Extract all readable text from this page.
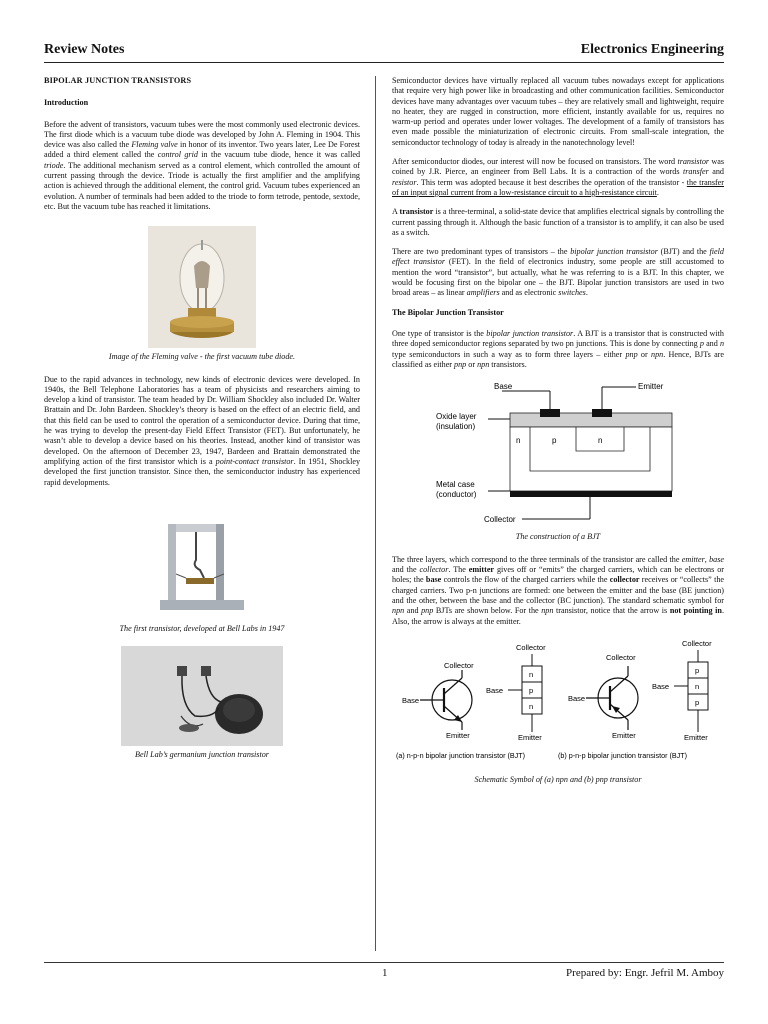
Review Notes	Electronics Engineering

BIPOLAR JUNCTION TRANSISTORS

Introduction

Before the advent of transistors, vacuum tubes were the most commonly used electronic devices. The first diode which is a vacuum tube diode was developed by John A. Fleming in 1904. This device was also called the Fleming valve in honor of its inventor. Two years later, Lee De Forest added a third element called the control grid in the vacuum tube diode, hence it was called triode. The additional mechanism served as a control element, which controlled the amount of current passing through the device. Triode is actually the first amplifier and the amplifying action is achieved through the additional element, the control grid. Vacuum tubes experienced an evolution. A number of terminals had been added to the triode to form tetrode, pentode, sextode, etc. But the vacuum tube has reached it limitations.

Image of the Fleming valve - the first vacuum tube diode.

Due to the rapid advances in technology, new kinds of electronic devices were developed. In 1940s, the Bell Telephone Laboratories has a team of physicists and researchers aiming to develop a kind of transistor. The team headed by Dr. William Shockley also included Dr. Walter Brattain and Dr. John Bardeen. Shockley’s theory is based on the effect of an electric field, and that this field can be used to control the operation of a semiconductor device. During that time, he was trying to develop the present-day Field Effect Transistor (FET). But unfortunately, he wasn’t able to develop a device based on his theories. Instead, another kind of transistor was developed. On the afternoon of December 23, 1947, Bardeen and Brattain demonstrated the amplifying action of the first transistor which is a point-contact transistor. In 1951, Shockley developed the first junction transistor. Since then, the semiconductor industry has experienced rapid developments.

The first transistor, developed at Bell Labs in 1947

Bell Lab’s germanium junction transistor

Semiconductor devices have virtually replaced all vacuum tubes nowadays except for applications that require very high power like in broadcasting and other communication facilities. Semiconductor devices have many advantages over vacuum tubes – they are relatively small and lightweight, require no heater, they are rugged in construction, more efficient, instantly available for us, requires no warm-up period and operates under lower voltages. The development of a family of transistors has even made possible the miniaturization of electronic circuits. From small-scale integration, the semiconductor technology of today is already in the nanotechnology level!

After semiconductor diodes, our interest will now be focused on transistors. The word transistor was coined by J.R. Pierce, an engineer from Bell Labs. It is a contraction of the words transfer and resistor. This term was adopted because it best describes the operation of the transistor - the transfer of an input signal current from a low-resistance circuit to a high-resistance circuit.

A transistor is a three-terminal, a solid-state device that amplifies electrical signals by controlling the current passing through it. Although the basic function of a transistor is to amplify, it can also be used as a switch.

There are two predominant types of transistors – the bipolar junction transistor (BJT) and the field effect transistor (FET). In the field of electronics industry, some people are still accustomed to mention the word “transistor”, but actually, what he was referring to is a BJT. In this chapter, we would be focusing first on the bipolar one – the BJT. Bipolar junction transistors are used in two broad areas – as linear amplifiers and as electronic switches.

The Bipolar Junction Transistor

One type of transistor is the bipolar junction transistor. A BJT is a transistor that is constructed with three doped semiconductor regions separated by two pn junctions. This is done by connecting p and n type semiconductors in such a way as to form three layers – either pnp or npn. Hence, BJTs are classified as either pnp or npn transistors.

Base	Emitter
Oxide layer
(insulation)
n	p	n
Metal case
(conductor)
Collector

The construction of a BJT

The three layers, which correspond to the three terminals of the transistor are called the emitter, base and the collector. The emitter gives off or “emits” the charged carriers, which can be electrons or holes; the base controls the flow of the charged carriers while the collector receives or “collects” the charged carriers. Two p-n junctions are formed: one between the emitter and the base (BE junction) and the other, between the base and the collector (BC junction). The standard schematic symbol for npn and pnp BJTs are shown below. For the npn transistor, notice that the arrow is not pointing in. Also, the arrow is always at the emitter.

Collector
Base
Emitter
Collector
n
p
n
Base
Emitter
Collector
Base
Emitter
Collector
p
n
p
Base
Emitter
(a) n-p-n bipolar junction transistor (BJT)	(b) p-n-p bipolar junction transistor (BJT)

Schematic Symbol of (a) npn and (b) pnp transistor

1	Prepared by: Engr. Jefril M. Amboy
